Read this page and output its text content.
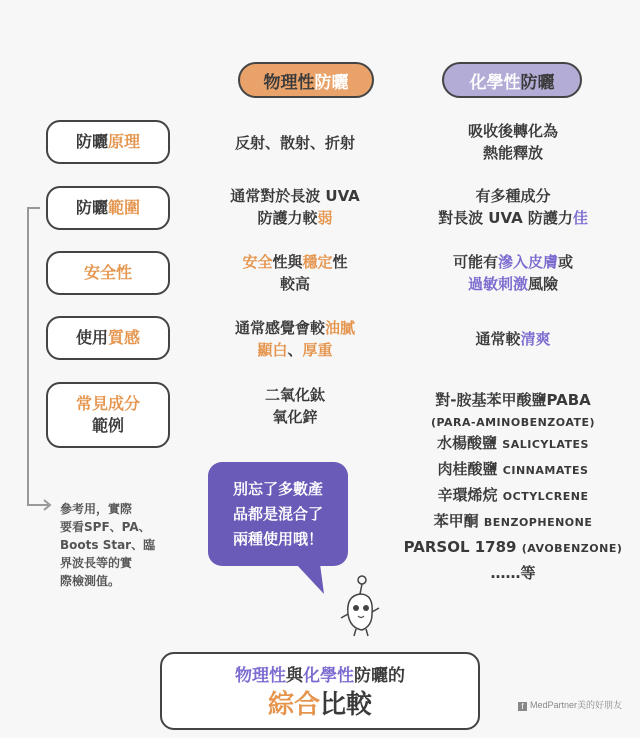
物理性 防曬	化學性 防曬
防曬原理
防曬範圍
安全性
使用質感
常見成分
範例
反射、散射、折射
通常對於長波 UVA
防護力較弱
安全性與穩定性
較高
通常感覺會較油膩
顯白、厚重
二氧化鈦
氧化鋅
吸收後轉化為
熱能釋放
有多種成分
對長波 UVA 防護力佳
可能有滲入皮膚或
過敏刺激風險
通常較清爽
對-胺基苯甲酸鹽PABA
(PARA-AMINOBENZOATE)
水楊酸鹽 SALICYLATES
肉桂酸鹽 CINNAMATES
辛環烯烷 OCTYLCRENE
苯甲酮 BENZOPHENONE
PARSOL 1789 (AVOBENZONE)
……等
參考用，實際
要看SPF、PA、
Boots Star、臨
界波長等的實
際檢測值。
別忘了多數產
品都是混合了
兩種使用哦！
物理性與化學性防曬的
綜合比較	f MedPartner美的好朋友
